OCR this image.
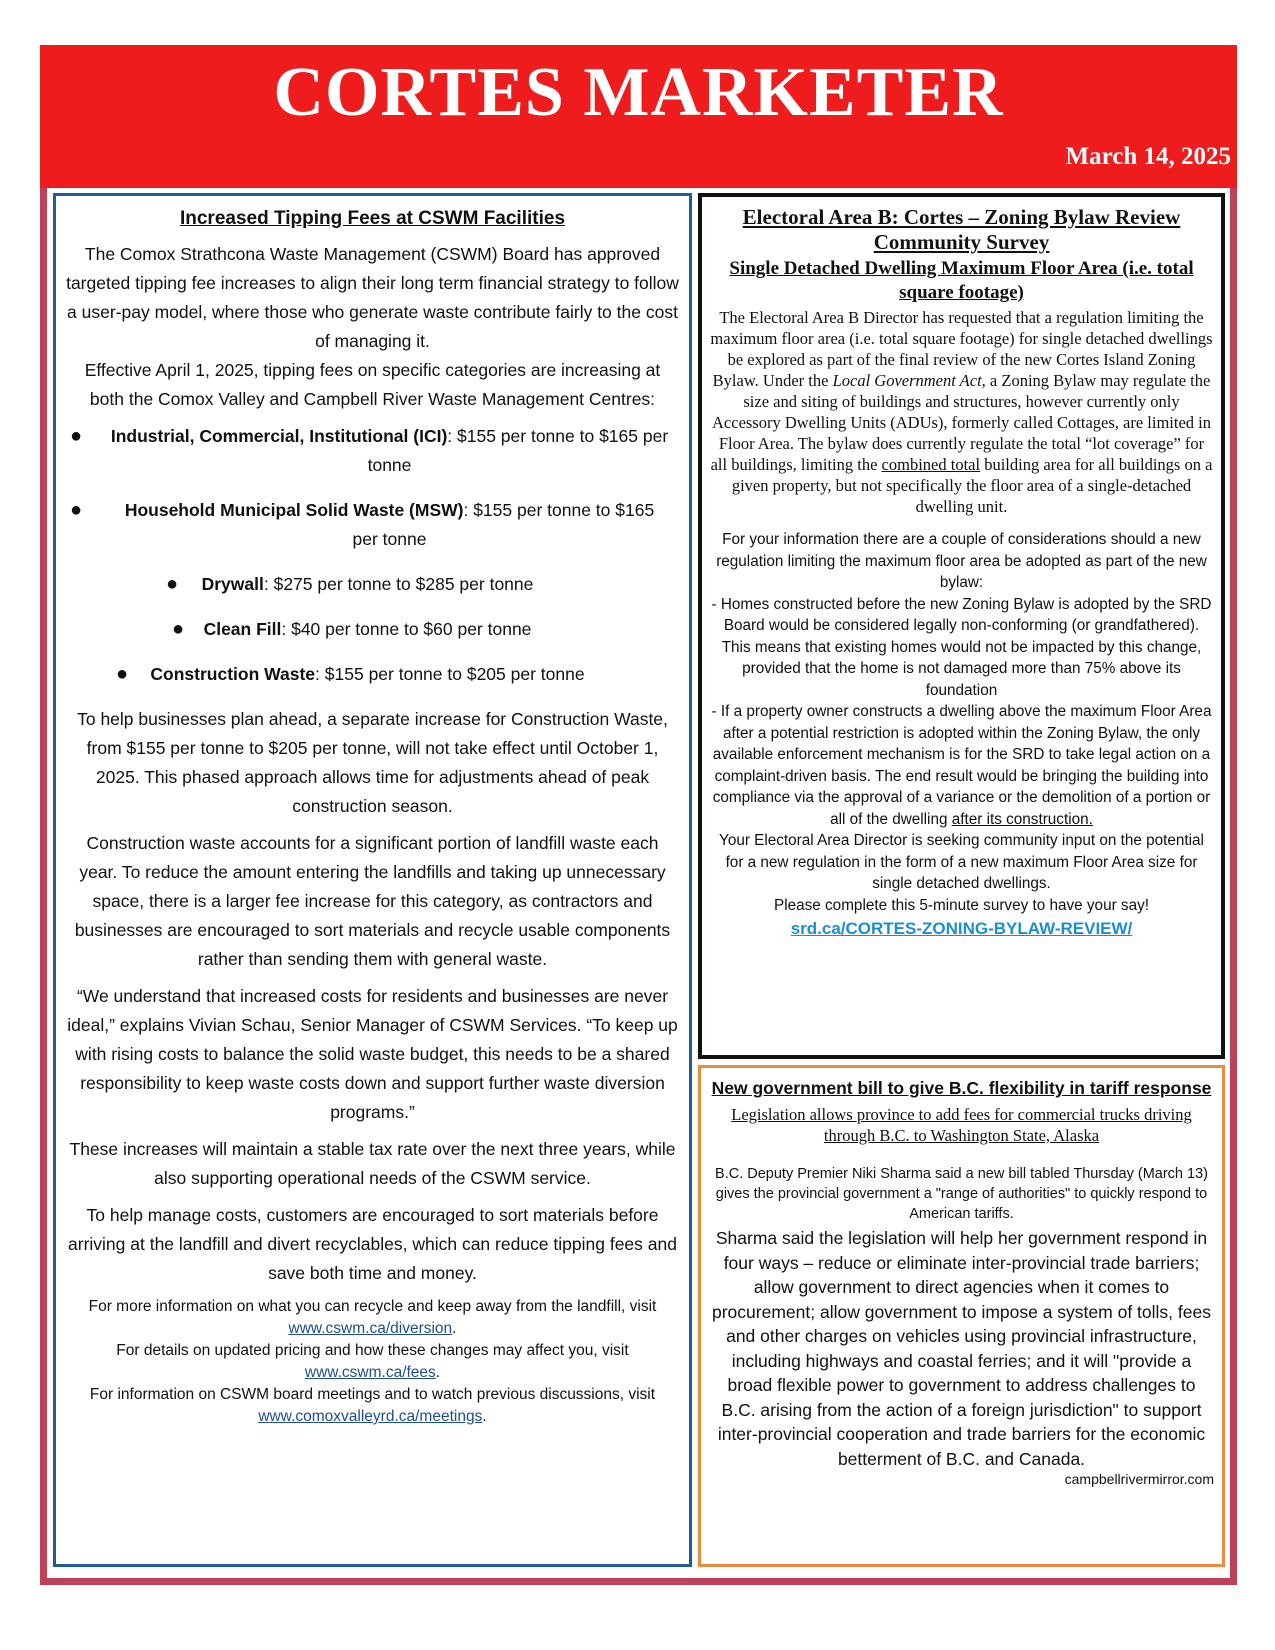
CORTES MARKETER
March 14, 2025
Increased Tipping Fees at CSWM Facilities

The Comox Strathcona Waste Management (CSWM) Board has approved targeted tipping fee increases to align their long term financial strategy to follow a user-pay model, where those who generate waste contribute fairly to the cost of managing it.

Effective April 1, 2025, tipping fees on specific categories are increasing at both the Comox Valley and Campbell River Waste Management Centres:

● Industrial, Commercial, Institutional (ICI): $155 per tonne to $165 per tonne
● Household Municipal Solid Waste (MSW): $155 per tonne to $165 per tonne
● Drywall: $275 per tonne to $285 per tonne
● Clean Fill: $40 per tonne to $60 per tonne
● Construction Waste: $155 per tonne to $205 per tonne

To help businesses plan ahead, a separate increase for Construction Waste, from $155 per tonne to $205 per tonne, will not take effect until October 1, 2025. This phased approach allows time for adjustments ahead of peak construction season.

Construction waste accounts for a significant portion of landfill waste each year. To reduce the amount entering the landfills and taking up unnecessary space, there is a larger fee increase for this category, as contractors and businesses are encouraged to sort materials and recycle usable components rather than sending them with general waste.

“We understand that increased costs for residents and businesses are never ideal,” explains Vivian Schau, Senior Manager of CSWM Services. “To keep up with rising costs to balance the solid waste budget, this needs to be a shared responsibility to keep waste costs down and support further waste diversion programs.”

These increases will maintain a stable tax rate over the next three years, while also supporting operational needs of the CSWM service.

To help manage costs, customers are encouraged to sort materials before arriving at the landfill and divert recyclables, which can reduce tipping fees and save both time and money.

For more information on what you can recycle and keep away from the landfill, visit www.cswm.ca/diversion.
For details on updated pricing and how these changes may affect you, visit www.cswm.ca/fees.
For information on CSWM board meetings and to watch previous discussions, visit www.comoxvalleyrd.ca/meetings.
Electoral Area B: Cortes – Zoning Bylaw Review Community Survey
Single Detached Dwelling Maximum Floor Area (i.e. total square footage)
The Electoral Area B Director has requested that a regulation limiting the maximum floor area (i.e. total square footage) for single detached dwellings be explored as part of the final review of the new Cortes Island Zoning Bylaw. Under the Local Government Act, a Zoning Bylaw may regulate the size and siting of buildings and structures, however currently only Accessory Dwelling Units (ADUs), formerly called Cottages, are limited in Floor Area. The bylaw does currently regulate the total “lot coverage” for all buildings, limiting the combined total building area for all buildings on a given property, but not specifically the floor area of a single-detached dwelling unit.

For your information there are a couple of considerations should a new regulation limiting the maximum floor area be adopted as part of the new bylaw:

- Homes constructed before the new Zoning Bylaw is adopted by the SRD Board would be considered legally non-conforming (or grandfathered). This means that existing homes would not be impacted by this change, provided that the home is not damaged more than 75% above its foundation

- If a property owner constructs a dwelling above the maximum Floor Area after a potential restriction is adopted within the Zoning Bylaw, the only available enforcement mechanism is for the SRD to take legal action on a complaint-driven basis. The end result would be bringing the building into compliance via the approval of a variance or the demolition of a portion or all of the dwelling after its construction.

Your Electoral Area Director is seeking community input on the potential for a new regulation in the form of a new maximum Floor Area size for single detached dwellings.

Please complete this 5-minute survey to have your say!

srd.ca/CORTES-ZONING-BYLAW-REVIEW/
New government bill to give B.C. flexibility in tariff response
Legislation allows province to add fees for commercial trucks driving through B.C. to Washington State, Alaska
B.C. Deputy Premier Niki Sharma said a new bill tabled Thursday (March 13) gives the provincial government a "range of authorities" to quickly respond to American tariffs.
Sharma said the legislation will help her government respond in four ways – reduce or eliminate inter-provincial trade barriers; allow government to direct agencies when it comes to procurement; allow government to impose a system of tolls, fees and other charges on vehicles using provincial infrastructure, including highways and coastal ferries; and it will "provide a broad flexible power to government to address challenges to B.C. arising from the action of a foreign jurisdiction" to support inter-provincial cooperation and trade barriers for the economic betterment of B.C. and Canada.
campbellrivermirror.com
